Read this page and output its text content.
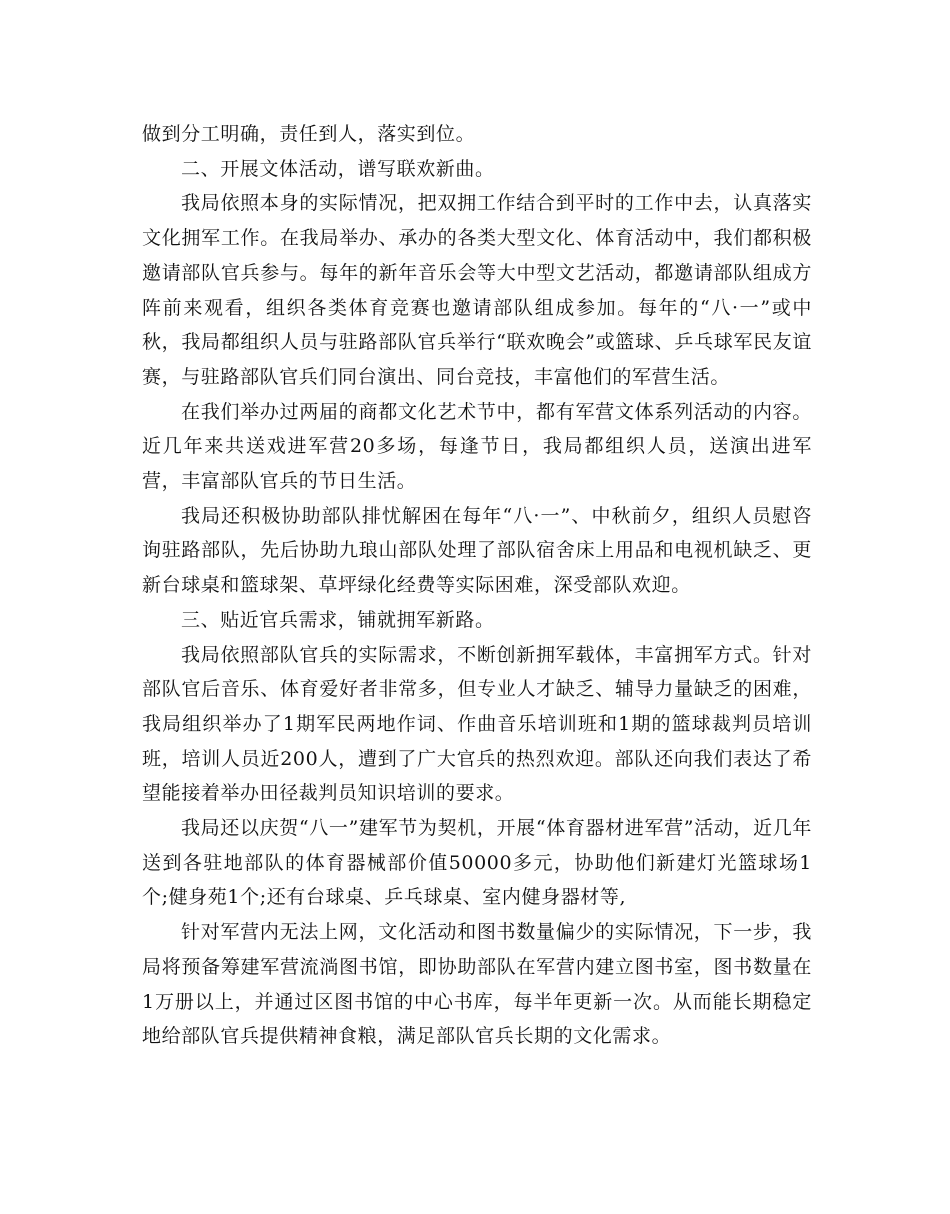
做到分工明确，责任到人，落实到位。

二、开展文体活动，谱写联欢新曲。

我局依照本身的实际情况，把双拥工作结合到平时的工作中去，认真落实文化拥军工作。在我局举办、承办的各类大型文化、体育活动中，我们都积极邀请部队官兵参与。每年的新年音乐会等大中型文艺活动，都邀请部队组成方阵前来观看，组织各类体育竞赛也邀请部队组成参加。每年的“八·一”或中秋，我局都组织人员与驻路部队官兵举行“联欢晚会”或篮球、乒乓球军民友谊赛，与驻路部队官兵们同台演出、同台竞技，丰富他们的军营生活。

在我们举办过两届的商都文化艺术节中，都有军营文体系列活动的内容。近几年来共送戏进军营20多场，每逢节日，我局都组织人员，送演出进军营，丰富部队官兵的节日生活。

我局还积极协助部队排忧解困在每年“八·一”、中秋前夕，组织人员慰咨询驻路部队，先后协助九琅山部队处理了部队宿舍床上用品和电视机缺乏、更新台球桌和篮球架、草坪绿化经费等实际困难，深受部队欢迎。

三、贴近官兵需求，铺就拥军新路。

我局依照部队官兵的实际需求，不断创新拥军载体，丰富拥军方式。针对部队官后音乐、体育爱好者非常多，但专业人才缺乏、辅导力量缺乏的困难，我局组织举办了1期军民两地作词、作曲音乐培训班和1期的篮球裁判员培训班，培训人员近200人，遭到了广大官兵的热烈欢迎。部队还向我们表达了希望能接着举办田径裁判员知识培训的要求。

我局还以庆贺“八一”建军节为契机，开展“体育器材进军营”活动，近几年送到各驻地部队的体育器械部价值50000多元，协助他们新建灯光篮球场1个;健身苑1个;还有台球桌、乒乓球桌、室内健身器材等,

针对军营内无法上网，文化活动和图书数量偏少的实际情况，下一步，我局将预备筹建军营流淌图书馆，即协助部队在军营内建立图书室，图书数量在1万册以上，并通过区图书馆的中心书库，每半年更新一次。从而能长期稳定地给部队官兵提供精神食粮，满足部队官兵长期的文化需求。
